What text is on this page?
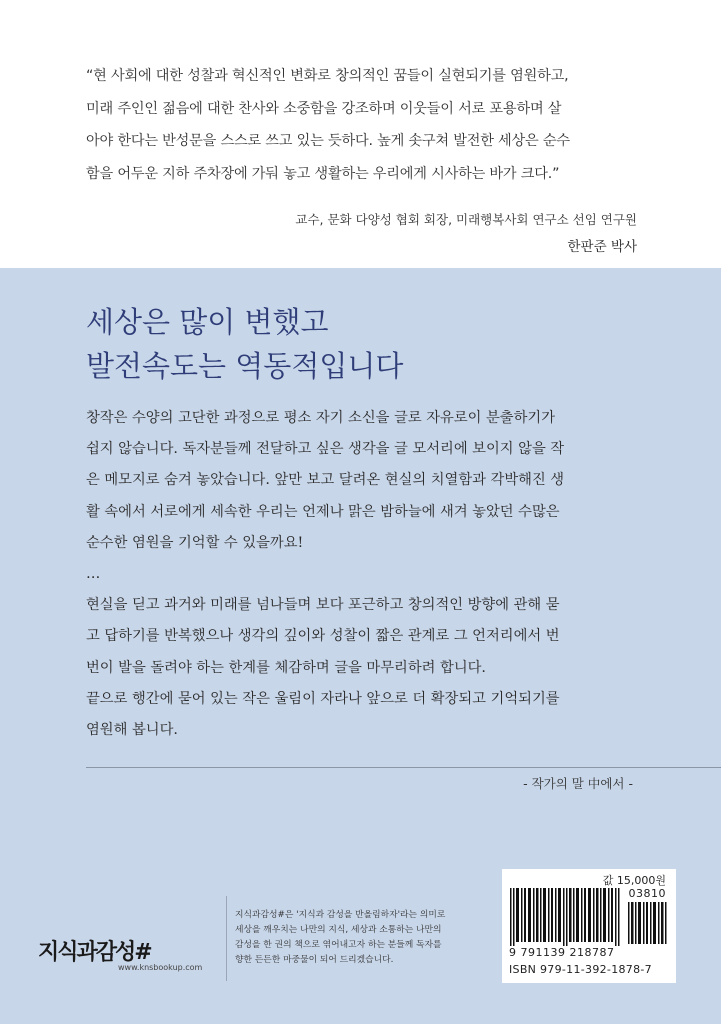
“현 사회에 대한 성찰과 혁신적인 변화로 창의적인 꿈들이 실현되기를 염원하고,

미래 주인인 젊음에 대한 찬사와 소중함을 강조하며 이웃들이 서로 포용하며 살

아야 한다는 반성문을 스스로 쓰고 있는 듯하다. 높게 솟구쳐 발전한 세상은 순수

함을 어두운 지하 주차장에 가둬 놓고 생활하는 우리에게 시사하는 바가 크다.”

교수, 문화 다양성 협회 회장, 미래행복사회 연구소 선임 연구원
한판준 박사
세상은 많이 변했고
발전속도는 역동적입니다

창작은 수양의 고단한 과정으로 평소 자기 소신을 글로 자유로이 분출하기가

쉽지 않습니다. 독자분들께 전달하고 싶은 생각을 글 모서리에 보이지 않을 작

은 메모지로 숨겨 놓았습니다. 앞만 보고 달려온 현실의 치열함과 각박해진 생

활 속에서 서로에게 세속한 우리는 언제나 맑은 밤하늘에 새겨 놓았던 수많은

순수한 염원을 기억할 수 있을까요!

…

현실을 딛고 과거와 미래를 넘나들며 보다 포근하고 창의적인 방향에 관해 묻

고 답하기를 반복했으나 생각의 깊이와 성찰이 짧은 관계로 그 언저리에서 번

번이 발을 돌려야 하는 한계를 체감하며 글을 마무리하려 합니다.

끝으로 행간에 묻어 있는 작은 울림이 자라나 앞으로 더 확장되고 기억되기를

염원해 봅니다.

- 작가의 말 中에서 -
지식과감성#
www.knsbookup.com

지식과감성#은 '지식과 감성을 반올림하자'라는 의미로

세상을 깨우치는 나만의 지식, 세상과 소통하는 나만의

감성을 한 권의 책으로 엮어내고자 하는 분들께 독자를

향한 든든한 마중물이 되어 드리겠습니다.

값 15,000원
03810
9 791139 218787
ISBN 979-11-392-1878-7
